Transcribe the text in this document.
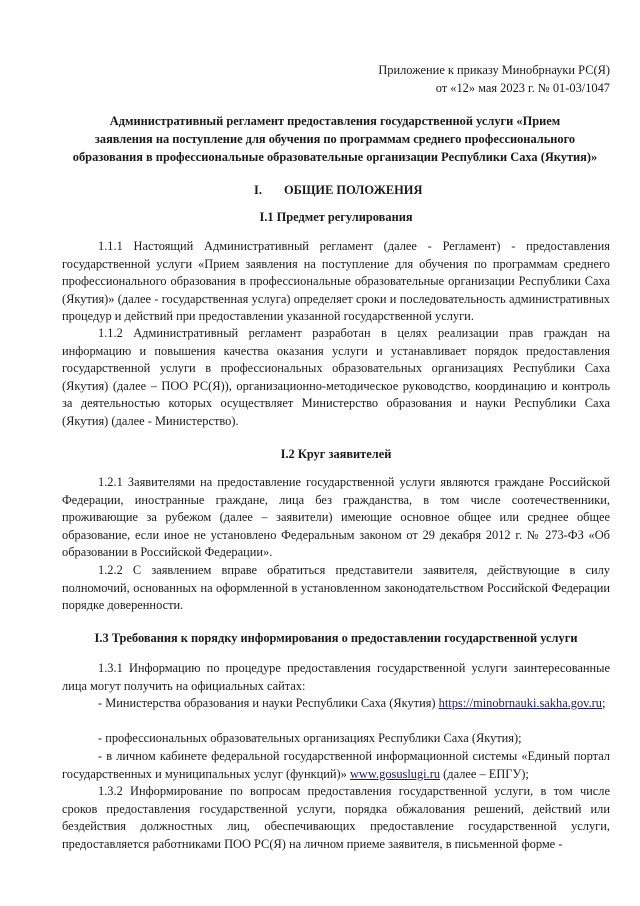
Приложение к приказу Минобрнауки РС(Я)
от «12» мая 2023 г. № 01-03/1047
Административный регламент предоставления государственной услуги «Прием
заявления на поступление для обучения по программам среднего профессионального
образования в профессиональные образовательные организации Республики Саха (Якутия)»
I. ОБЩИЕ ПОЛОЖЕНИЯ
I.1 Предмет регулирования
1.1.1 Настоящий Административный регламент (далее - Регламент) - предоставления государственной услуги «Прием заявления на поступление для обучения по программам среднего профессионального образования в профессиональные образовательные организации Республики Саха (Якутия)» (далее - государственная услуга) определяет сроки и последовательность административных процедур и действий при предоставлении указанной государственной услуги.
1.1.2 Административный регламент разработан в целях реализации прав граждан на информацию и повышения качества оказания услуги и устанавливает порядок предоставления государственной услуги в профессиональных образовательных организациях Республики Саха (Якутия) (далее – ПОО РС(Я)), организационно-методическое руководство, координацию и контроль за деятельностью которых осуществляет Министерство образования и науки Республики Саха (Якутия) (далее - Министерство).
I.2 Круг заявителей
1.2.1 Заявителями на предоставление государственной услуги являются граждане Российской Федерации, иностранные граждане, лица без гражданства, в том числе соотечественники, проживающие за рубежом (далее – заявители) имеющие основное общее или среднее общее образование, если иное не установлено Федеральным законом от 29 декабря 2012 г. № 273-ФЗ «Об образовании в Российской Федерации».
1.2.2 С заявлением вправе обратиться представители заявителя, действующие в силу полномочий, основанных на оформленной в установленном законодательством Российской Федерации порядке доверенности.
I.3 Требования к порядку информирования о предоставлении государственной услуги
1.3.1 Информацию по процедуре предоставления государственной услуги заинтересованные лица могут получить на официальных сайтах:
- Министерства образования и науки Республики Саха (Якутия) https://minobrnauki.sakha.gov.ru;
- профессиональных образовательных организациях Республики Саха (Якутия);
- в личном кабинете федеральной государственной информационной системы «Единый портал государственных и муниципальных услуг (функций)» www.gosuslugi.ru (далее – ЕПГУ);
1.3.2 Информирование по вопросам предоставления государственной услуги, в том числе сроков предоставления государственной услуги, порядка обжалования решений, действий или бездействия должностных лиц, обеспечивающих предоставление государственной услуги, предоставляется работниками ПОО РС(Я) на личном приеме заявителя, в письменной форме -
